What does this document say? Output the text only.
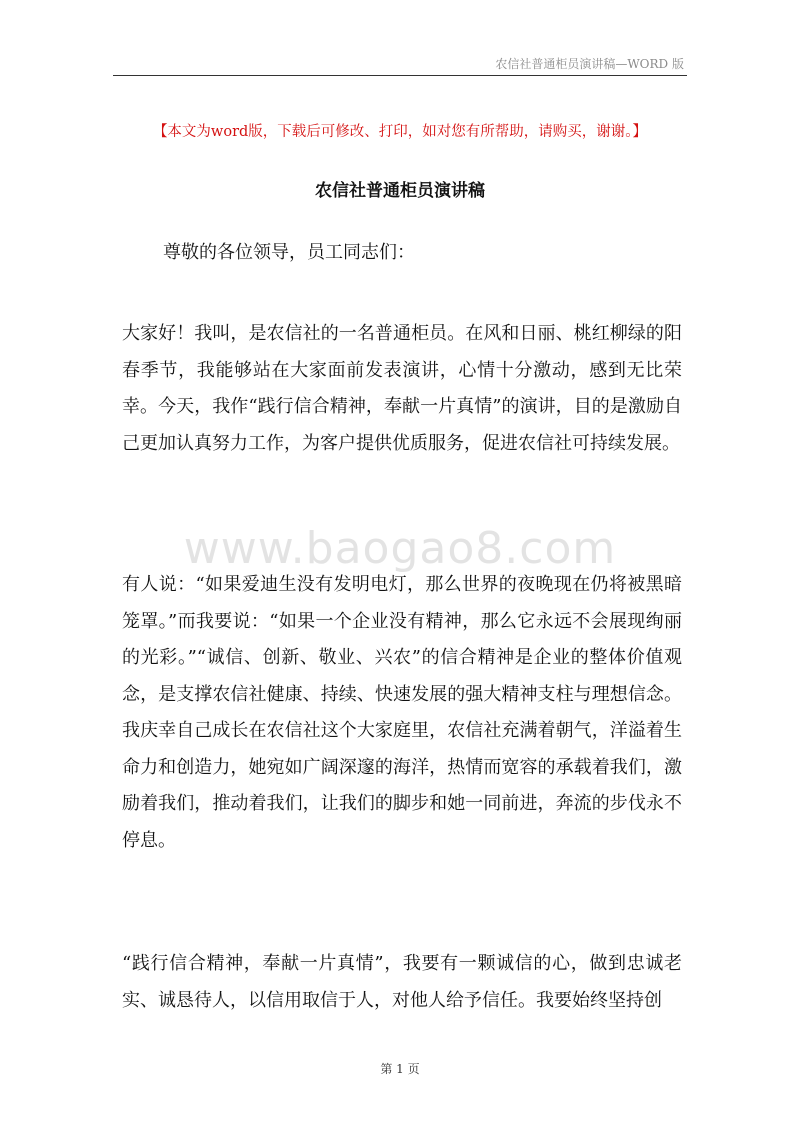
农信社普通柜员演讲稿—WORD 版
【本文为word版，下载后可修改、打印，如对您有所帮助，请购买，谢谢。】
农信社普通柜员演讲稿
尊敬的各位领导，员工同志们：
www.baogao8.com

大家好！我叫，是农信社的一名普通柜员。在风和日丽、桃红柳绿的阳春季节，我能够站在大家面前发表演讲，心情十分激动，感到无比荣幸。今天，我作“践行信合精神，奉献一片真情”的演讲，目的是激励自己更加认真努力工作，为客户提供优质服务，促进农信社可持续发展。

有人说：“如果爱迪生没有发明电灯，那么世界的夜晚现在仍将被黑暗笼罩。”而我要说：“如果一个企业没有精神，那么它永远不会展现绚丽的光彩。”“诚信、创新、敬业、兴农”的信合精神是企业的整体价值观念，是支撑农信社健康、持续、快速发展的强大精神支柱与理想信念。我庆幸自己成长在农信社这个大家庭里，农信社充满着朝气，洋溢着生命力和创造力，她宛如广阔深邃的海洋，热情而宽容的承载着我们，激励着我们，推动着我们，让我们的脚步和她一同前进，奔流的步伐永不停息。

“践行信合精神，奉献一片真情”，我要有一颗诚信的心，做到忠诚老实、诚恳待人，以信用取信于人，对他人给予信任。我要始终坚持创

第 1 页
